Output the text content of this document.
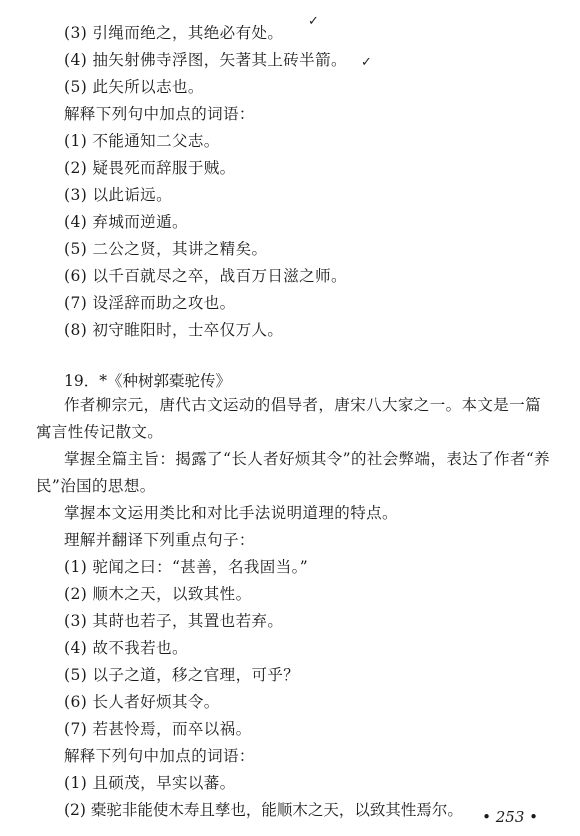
(3) 引绳而绝之，其绝必有处。
(4) 抽矢射佛寺浮图，矢著其上砖半箭。
(5) 此矢所以志也。
解释下列句中加点的词语：
(1) 不能通知二父志。
(2) 疑畏死而辞服于贼。
(3) 以此诟远。
(4) 弃城而逆遁。
(5) 二公之贤，其讲之精矣。
(6) 以千百就尽之卒，战百万日滋之师。
(7) 设淫辞而助之攻也。
(8) 初守睢阳时，士卒仅万人。
19．*《种树郭橐驼传》
作者柳宗元，唐代古文运动的倡导者，唐宋八大家之一。本文是一篇寓言性传记散文。
掌握全篇主旨：揭露了“长人者好烦其令”的社会弊端，表达了作者“养民”治国的思想。
掌握本文运用类比和对比手法说明道理的特点。
理解并翻译下列重点句子：
(1) 驼闻之曰：“甚善，名我固当。”
(2) 顺木之天，以致其性。
(3) 其莳也若子，其置也若弃。
(4) 故不我若也。
(5) 以子之道，移之官理，可乎？
(6) 长人者好烦其令。
(7) 若甚怜焉，而卒以祸。
解释下列句中加点的词语：
(1) 且硕茂，早实以蕃。
(2) 橐驼非能使木寿且孳也，能顺木之天，以致其性焉尔。
✓
✓
• 253 •
